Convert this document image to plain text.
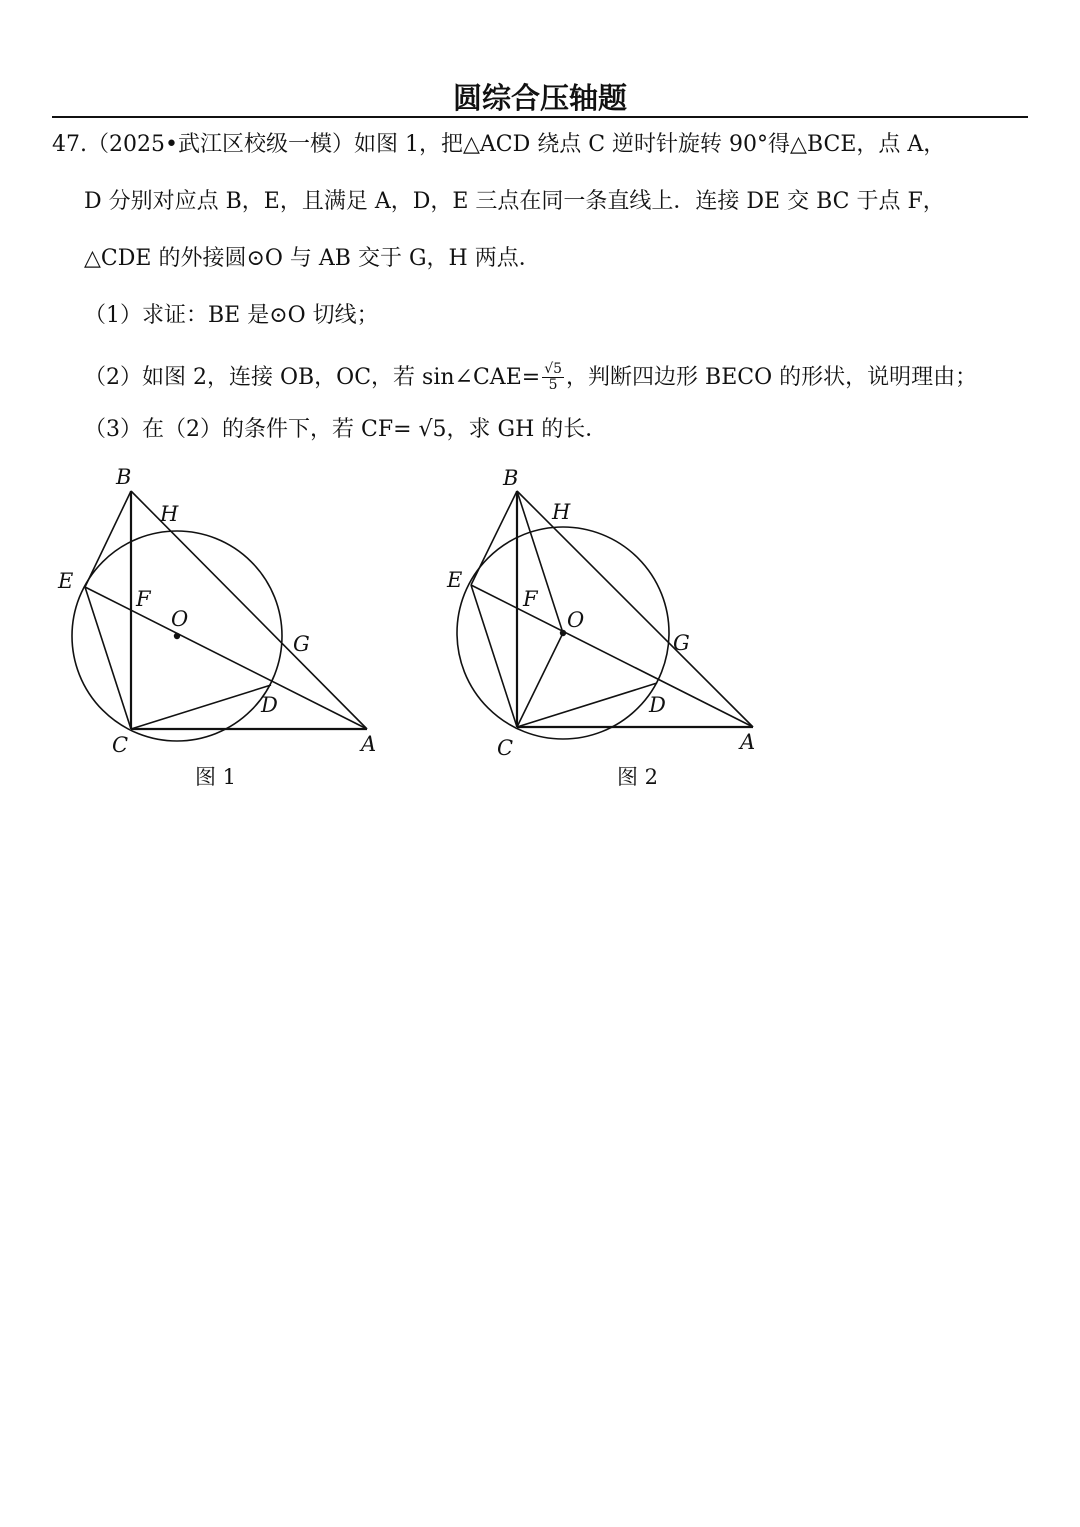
圆综合压轴题
47.（2025•武江区校级一模）如图 1，把△ACD 绕点 C 逆时针旋转 90°得△BCE，点 A，
D 分别对应点 B，E，且满足 A，D，E 三点在同一条直线上．连接 DE 交 BC 于点 F，
△CDE 的外接圆⊙O 与 AB 交于 G，H 两点．
（1）求证：BE 是⊙O 切线；
（2）如图 2，连接 OB，OC，若 sin∠CAE= $\frac{√5}{5}$ ，判断四边形 BECO 的形状，说明理由；
（3）在（2）的条件下，若 CF= √5，求 GH 的长．
B
H
E
F
O
G
D
C	A
图 1
B
H
E
F
O
G
D
C	A
图 2
